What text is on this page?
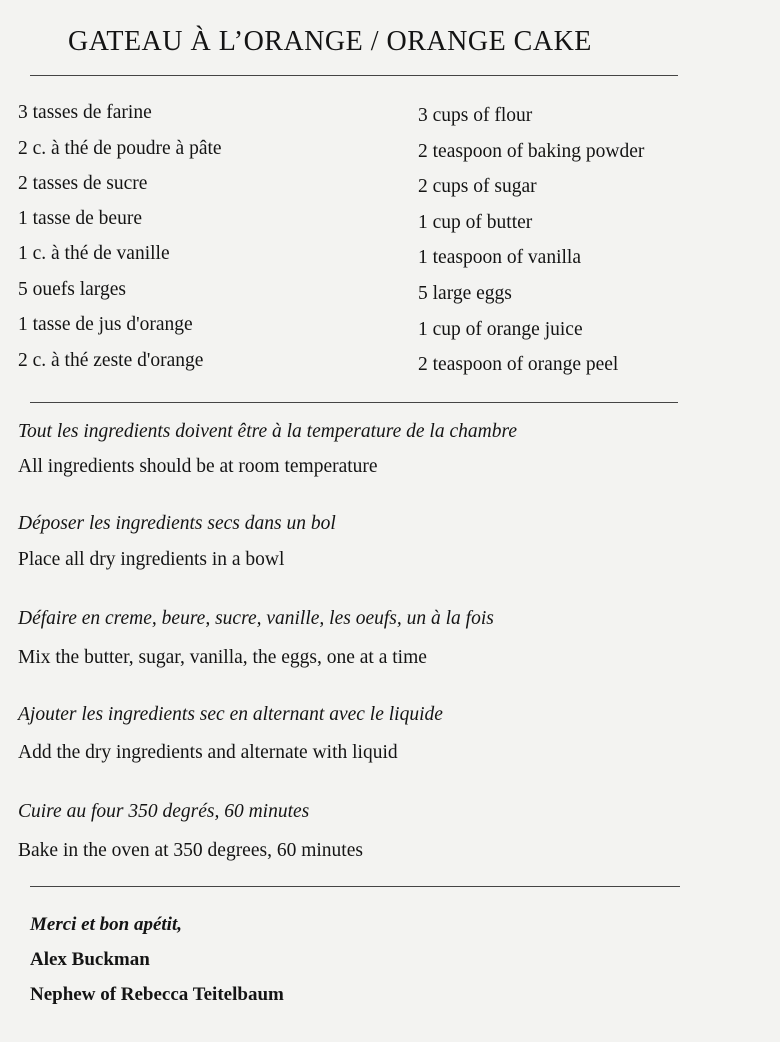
GATEAU À L’ORANGE / ORANGE CAKE
3 tasses de farine
2 c. à thé de poudre à pâte
2 tasses de sucre
1 tasse de beure
1 c. à thé de vanille
5 ouefs larges
1 tasse de jus d'orange
2 c. à thé zeste d'orange
3 cups of flour
2 teaspoon of baking powder
2 cups of sugar
1 cup of butter
1 teaspoon of vanilla
5 large eggs
1 cup of orange juice
2 teaspoon of orange peel
Tout les ingredients doivent être à la temperature de la chambre
All ingredients should be at room temperature
Déposer les ingredients secs dans un bol
Place all dry ingredients in a bowl
Défaire en creme, beure, sucre, vanille, les oeufs, un à la fois
Mix the butter, sugar, vanilla, the eggs, one at a time
Ajouter les ingredients sec en alternant avec le liquide
Add the dry ingredients and alternate with liquid
Cuire au four 350 degrés, 60 minutes
Bake in the oven at 350 degrees, 60 minutes
Merci et bon apétit,
Alex Buckman
Nephew of Rebecca Teitelbaum
